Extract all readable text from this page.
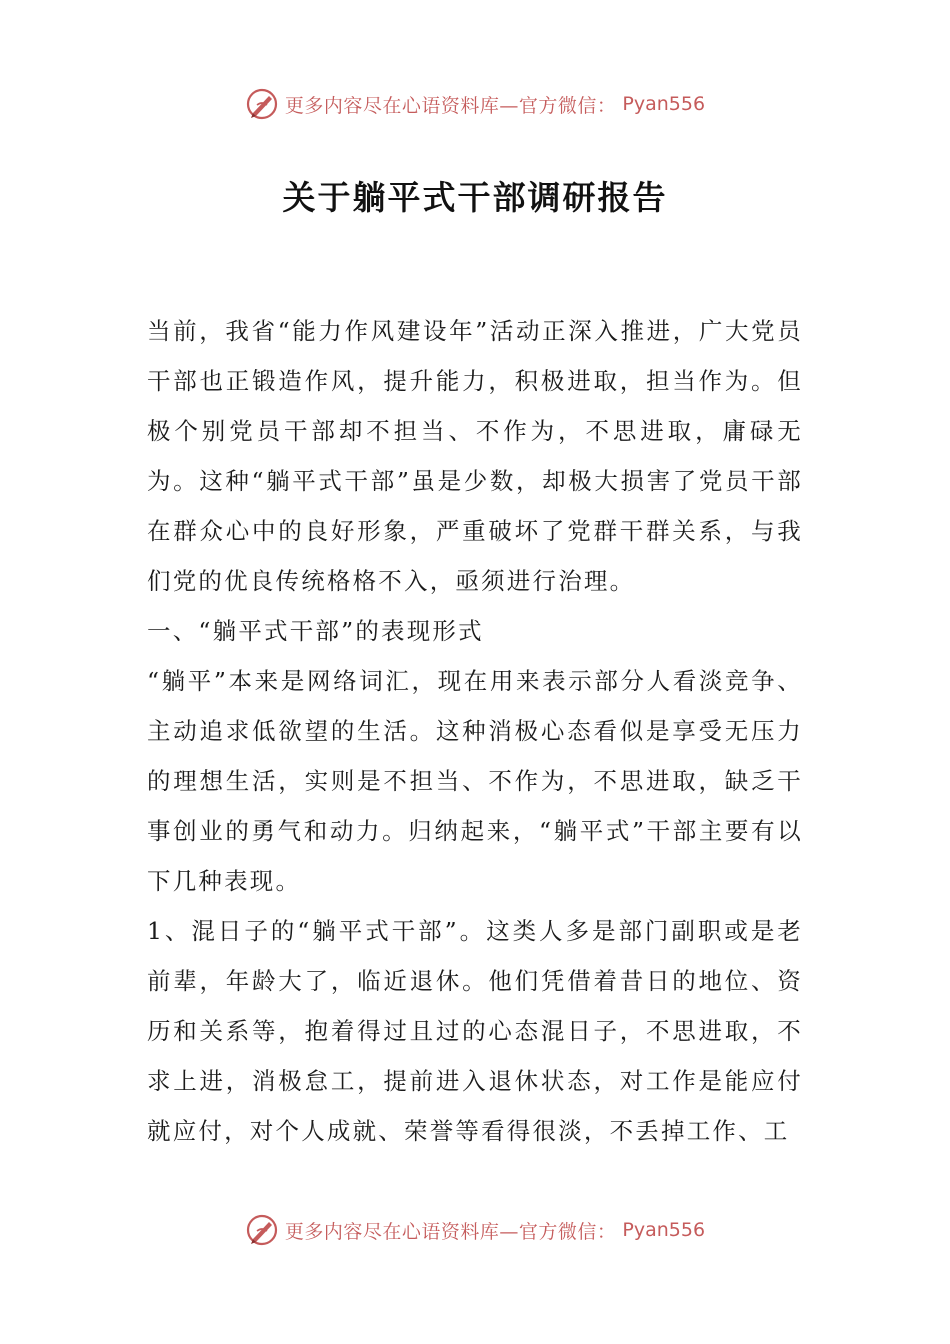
更多内容尽在心语资料库—官方微信： Pyan556
关于躺平式干部调研报告

当前，我省“能力作风建设年”活动正深入推进，广大党员干部也正锻造作风，提升能力，积极进取，担当作为。但极个别党员干部却不担当、不作为，不思进取，庸碌无为。这种“躺平式干部”虽是少数，却极大损害了党员干部在群众心中的良好形象，严重破坏了党群干群关系，与我们党的优良传统格格不入，亟须进行治理。

一、“躺平式干部”的表现形式

“躺平”本来是网络词汇，现在用来表示部分人看淡竞争、主动追求低欲望的生活。这种消极心态看似是享受无压力的理想生活，实则是不担当、不作为，不思进取，缺乏干事创业的勇气和动力。归纳起来，“躺平式”干部主要有以下几种表现。

1、混日子的“躺平式干部”。这类人多是部门副职或是老前辈，年龄大了，临近退休。他们凭借着昔日的地位、资历和关系等，抱着得过且过的心态混日子，不思进取，不求上进，消极怠工，提前进入退休状态，对工作是能应付就应付，对个人成就、荣誉等看得很淡，不丢掉工作、工

更多内容尽在心语资料库—官方微信： Pyan556
